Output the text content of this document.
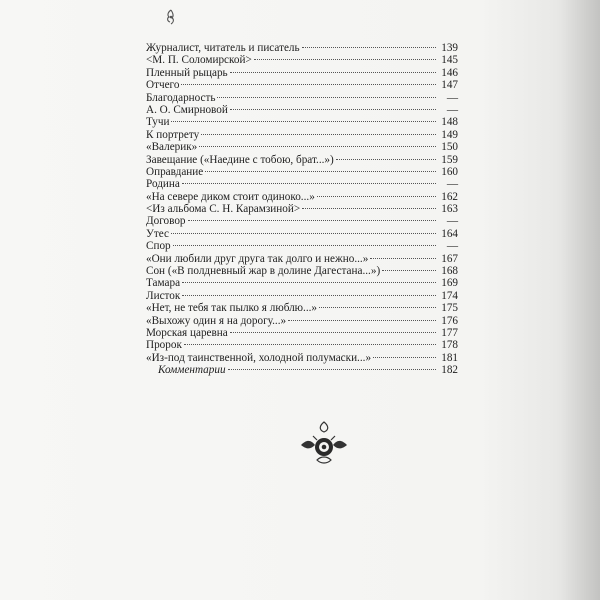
Журналист, читатель и писатель	139
<М. П. Соломирской>	145
Пленный рыцарь	146
Отчего	147
Благодарность	—
А. О. Смирновой	—
Тучи	148
К портрету	149
«Валерик»	150
Завещание («Наедине с тобою, брат...»)	159
Оправдание	160
Родина	—
«На севере диком стоит одиноко...»	162
<Из альбома С. Н. Карамзиной>	163
Договор	—
Утес	164
Спор	—
«Они любили друг друга так долго и нежно...»	167
Сон («В полдневный жар в долине Дагестана...»)	168
Тамара	169
Листок	174
«Нет, не тебя так пылко я люблю...»	175
«Выхожу один я на дорогу...»	176
Морская царевна	177
Пророк	178
«Из-под таинственной, холодной полумаски...»	181
Комментарии	182
